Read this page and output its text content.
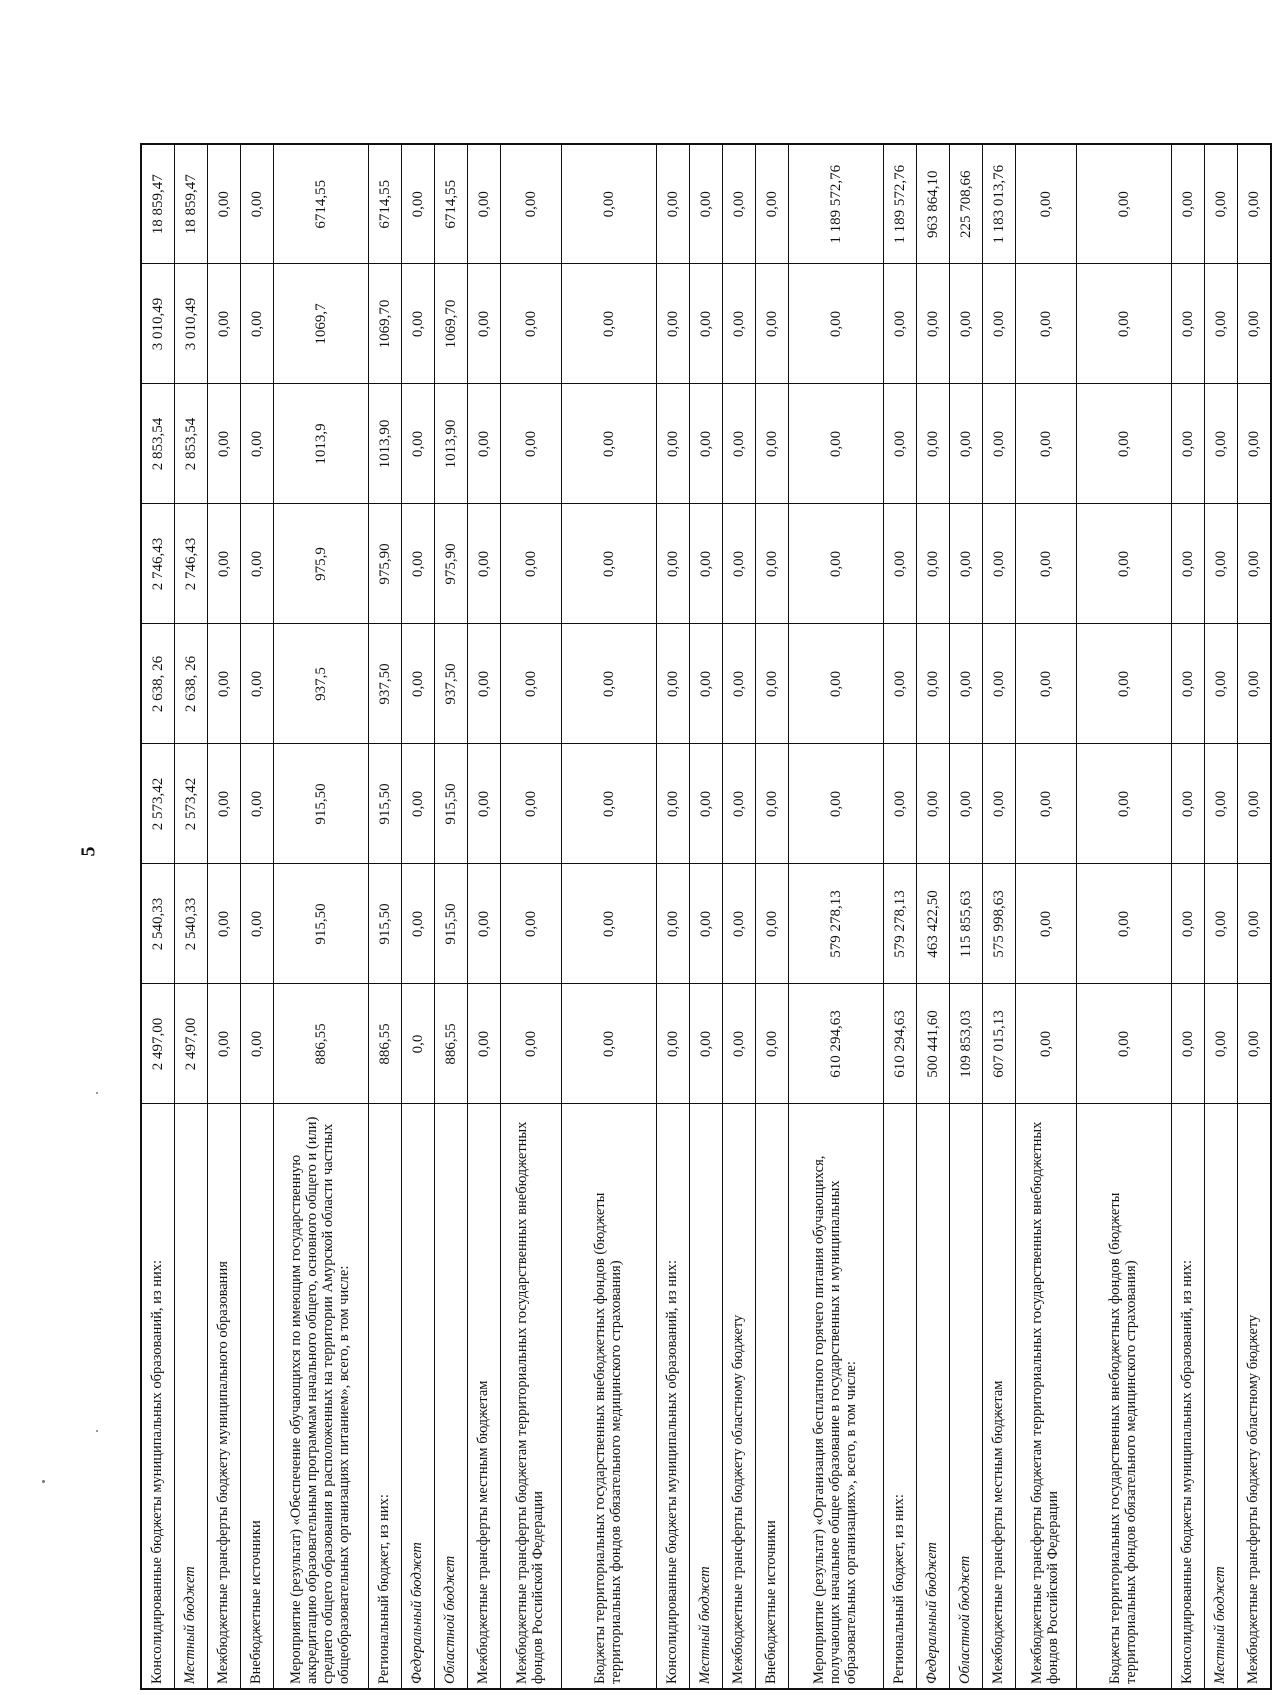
5
Консолидированные бюджеты муниципальных образований, из них:	2 497,00	2 540,33	2 573,42	2 638, 26	2 746,43	2 853,54	3 010,49	18 859,47
Местный бюджет	2 497,00	2 540,33	2 573,42	2 638, 26	2 746,43	2 853,54	3 010,49	18 859,47
Межбюджетные трансферты бюджету муниципального образования	0,00	0,00	0,00	0,00	0,00	0,00	0,00	0,00
Внебюджетные источники	0,00	0,00	0,00	0,00	0,00	0,00	0,00	0,00
Мероприятие (результат) «Обеспечение обучающихся по имеющим государственную аккредитацию образовательным программам начального общего, основного общего и (или) среднего общего образования в расположенных на территории Амурской области частных общеобразовательных организациях питанием», всего, в том числе:	886,55	915,50	915,50	937,5	975,9	1013,9	1069,7	6714,55
Региональный бюджет, из них:	886,55	915,50	915,50	937,50	975,90	1013,90	1069,70	6714,55
Федеральный бюджет	0,0	0,00	0,00	0,00	0,00	0,00	0,00	0,00
Областной бюджет	886,55	915,50	915,50	937,50	975,90	1013,90	1069,70	6714,55
Межбюджетные трансферты местным бюджетам	0,00	0,00	0,00	0,00	0,00	0,00	0,00	0,00
Межбюджетные трансферты бюджетам территориальных государственных внебюджетных фондов Российской Федерации	0,00	0,00	0,00	0,00	0,00	0,00	0,00	0,00
Бюджеты территориальных государственных внебюджетных фондов (бюджеты территориальных фондов обязательного медицинского страхования)	0,00	0,00	0,00	0,00	0,00	0,00	0,00	0,00
Консолидированные бюджеты муниципальных образований, из них:	0,00	0,00	0,00	0,00	0,00	0,00	0,00	0,00
Местный бюджет	0,00	0,00	0,00	0,00	0,00	0,00	0,00	0,00
Межбюджетные трансферты бюджету областному бюджету	0,00	0,00	0,00	0,00	0,00	0,00	0,00	0,00
Внебюджетные источники	0,00	0,00	0,00	0,00	0,00	0,00	0,00	0,00
Мероприятие (результат) «Организация бесплатного горячего питания обучающихся, получающих начальное общее образование в государственных и муниципальных образовательных организациях», всего, в том числе:	610 294,63	579 278,13	0,00	0,00	0,00	0,00	0,00	1 189 572,76
Региональный бюджет, из них:	610 294,63	579 278,13	0,00	0,00	0,00	0,00	0,00	1 189 572,76
Федеральный бюджет	500 441,60	463 422,50	0,00	0,00	0,00	0,00	0,00	963 864,10
Областной бюджет	109 853,03	115 855,63	0,00	0,00	0,00	0,00	0,00	225 708,66
Межбюджетные трансферты местным бюджетам	607 015,13	575 998,63	0,00	0,00	0,00	0,00	0,00	1 183 013,76
Межбюджетные трансферты бюджетам территориальных государственных внебюджетных фондов Российской Федерации	0,00	0,00	0,00	0,00	0,00	0,00	0,00	0,00
Бюджеты территориальных государственных внебюджетных фондов (бюджеты территориальных фондов обязательного медицинского страхования)	0,00	0,00	0,00	0,00	0,00	0,00	0,00	0,00
Консолидированные бюджеты муниципальных образований, из них:	0,00	0,00	0,00	0,00	0,00	0,00	0,00	0,00
Местный бюджет	0,00	0,00	0,00	0,00	0,00	0,00	0,00	0,00
Межбюджетные трансферты бюджету областному бюджету	0,00	0,00	0,00	0,00	0,00	0,00	0,00	0,00
